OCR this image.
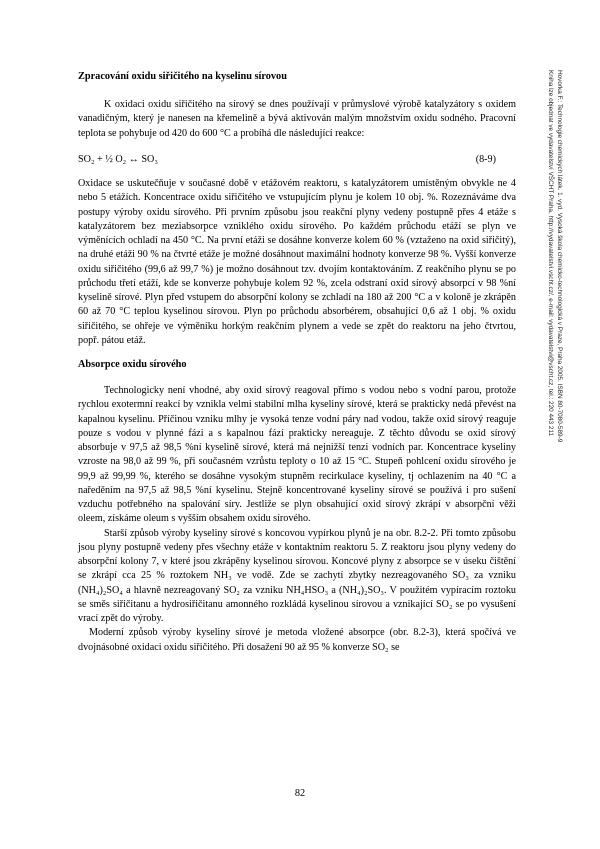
Zpracování oxidu siřičitého na kyselinu sírovou

K oxidaci oxidu siřičitého na sírový se dnes používají v průmyslové výrobě katalyzátory s oxidem vanadičným, který je nanesen na křemelině a bývá aktivován malým množstvím oxidu sodného. Pracovní teplota se pohybuje od 420 do 600 °C a probíhá dle následující reakce:

SO₂ + ½ O₂ ↔ SO₃	(8-9)

Oxidace se uskutečňuje v současné době v etážovém reaktoru, s katalyzátorem umístěným obvykle ne 4 nebo 5 etážích. Koncentrace oxidu siřičitého ve vstupujícím plynu je kolem 10 obj. %. Rozeznáváme dva postupy výroby oxidu sírového. Při prvním způsobu jsou reakční plyny vedeny postupně přes 4 etáže s katalyzátorem bez meziabsorpce vzniklého oxidu sírového. Po každém průchodu etáží se plyn ve výměnících ochladí na 450 °C. Na první etáži se dosáhne konverze kolem 60 % (vztaženo na oxid siřičitý), na druhé etáži 90 % na čtvrté etáže je možné dosáhnout maximální hodnoty konverze 98 %. Vyšší konverze oxidu siřičitého (99,6 až 99,7 %) je možno dosáhnout tzv. dvojím kontaktováním. Z reakčního plynu se po průchodu třetí etáží, kde se konverze pohybuje kolem 92 %, zcela odstraní oxid sírový absorpcí v 98 %ní kyselině sírové. Plyn před vstupem do absorpční kolony se zchladí na 180 až 200 °C a v koloně je zkrápěn 60 až 70 °C teplou kyselinou sírovou. Plyn po průchodu absorbérem, obsahující 0,6 až 1 obj. % oxidu siřičitého, se ohřeje ve výměníku horkým reakčním plynem a vede se zpět do reaktoru na jeho čtvrtou, popř. pátou etáž.

Absorpce oxidu sírového

Technologicky není vhodné, aby oxid sírový reagoval přímo s vodou nebo s vodní parou, protože rychlou exotermní reakcí by vznikla velmi stabilní mlha kyseliny sírové, která se prakticky nedá převést na kapalnou kyselinu. Příčinou vzniku mlhy je vysoká tenze vodní páry nad vodou, takže oxid sírový reaguje pouze s vodou v plynné fázi a s kapalnou fází prakticky nereaguje. Z těchto důvodu se oxid sírový absorbuje v 97,5 až 98,5 %ní kyselině sírové, která má nejnižší tenzi vodních par. Koncentrace kyseliny vzroste na 98,0 až 99 %, při současném vzrůstu teploty o 10 až 15 °C. Stupeň pohlcení oxidu sírového je 99,9 až 99,99 %, kterého se dosáhne vysokým stupněm recirkulace kyseliny, tj ochlazením na 40 °C a naředěním na 97,5 až 98,5 %ní kyselinu. Stejně koncentrované kyseliny sírové se používá i pro sušení vzduchu potřebného na spalování síry. Jestliže se plyn obsahující oxid sírový zkrápí v absorpční věži oleem, získáme oleum s vyšším obsahem oxidu sírového.

Starší způsob výroby kyseliny sírové s koncovou vypírkou plynů je na obr. 8.2-2. Při tomto způsobu jsou plyny postupně vedeny přes všechny etáže v kontaktním reaktoru 5. Z reaktoru jsou plyny vedeny do absorpční kolony 7, v které jsou zkrápěny kyselinou sírovou. Koncové plyny z absorpce se v úseku čištění se zkrápí cca 25 % roztokem NH₃ ve vodě. Zde se zachytí zbytky nezreagovaného SO₃ za vzniku (NH₄)₂SO₄ a hlavně nezreagovaný SO₂ za vzniku NH₄HSO₃ a (NH₄)₂SO₃. V použitém vypíracím roztoku se směs siřičitanu a hydrosiřičitanu amonného rozkládá kyselinou sírovou a vznikající SO₂ se po vysušení vrací zpět do výroby.

Moderní způsob výroby kyseliny sírové je metoda vložené absorpce (obr. 8.2-3), která spočívá ve dvojnásobné oxidaci oxidu siřičitého. Při dosažení 90 až 95 % konverze SO₂ se

Hovorka F.: Technologie chemických látek. 1. vyd. Vysoká škola chemicko-technologická v Praze, Praha 2005. ISBN 80-7080-589-9
Kniha lze objednat ve vydavatelství VŠCHT Praha, http://vydavatelstvi.vscht.cz/, e-mail: vydavatelstvi@vscht.cz, tel.: 220 443 211
82
